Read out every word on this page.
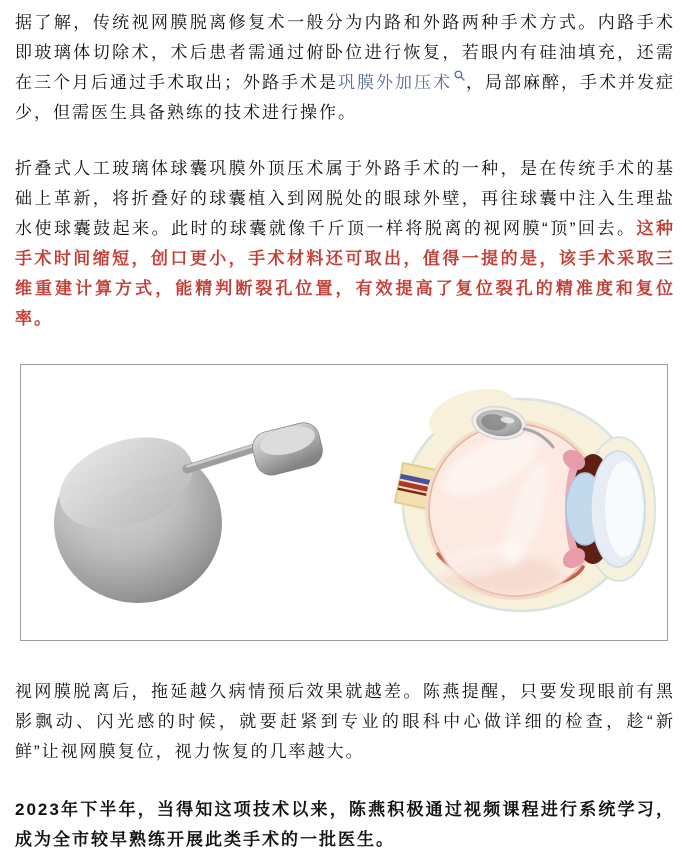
据了解，传统视网膜脱离修复术一般分为内路和外路两种手术方式。内路手术即玻璃体切除术，术后患者需通过俯卧位进行恢复，若眼内有硅油填充，还需在三个月后通过手术取出；外路手术是巩膜外加压术 ，局部麻醉，手术并发症少，但需医生具备熟练的技术进行操作。

折叠式人工玻璃体球囊巩膜外顶压术属于外路手术的一种，是在传统手术的基础上革新，将折叠好的球囊植入到网脱处的眼球外壁，再往球囊中注入生理盐水使球囊鼓起来。此时的球囊就像千斤顶一样将脱离的视网膜“顶”回去。这种手术时间缩短，创口更小，手术材料还可取出，值得一提的是，该手术采取三维重建计算方式，能精判断裂孔位置，有效提高了复位裂孔的精准度和复位率。

视网膜脱离后，拖延越久病情预后效果就越差。陈燕提醒，只要发现眼前有黑影飘动、闪光感的时候，就要赶紧到专业的眼科中心做详细的检查，趁“新鲜”让视网膜复位，视力恢复的几率越大。

2023年下半年，当得知这项技术以来，陈燕积极通过视频课程进行系统学习，成为全市较早熟练开展此类手术的一批医生。
